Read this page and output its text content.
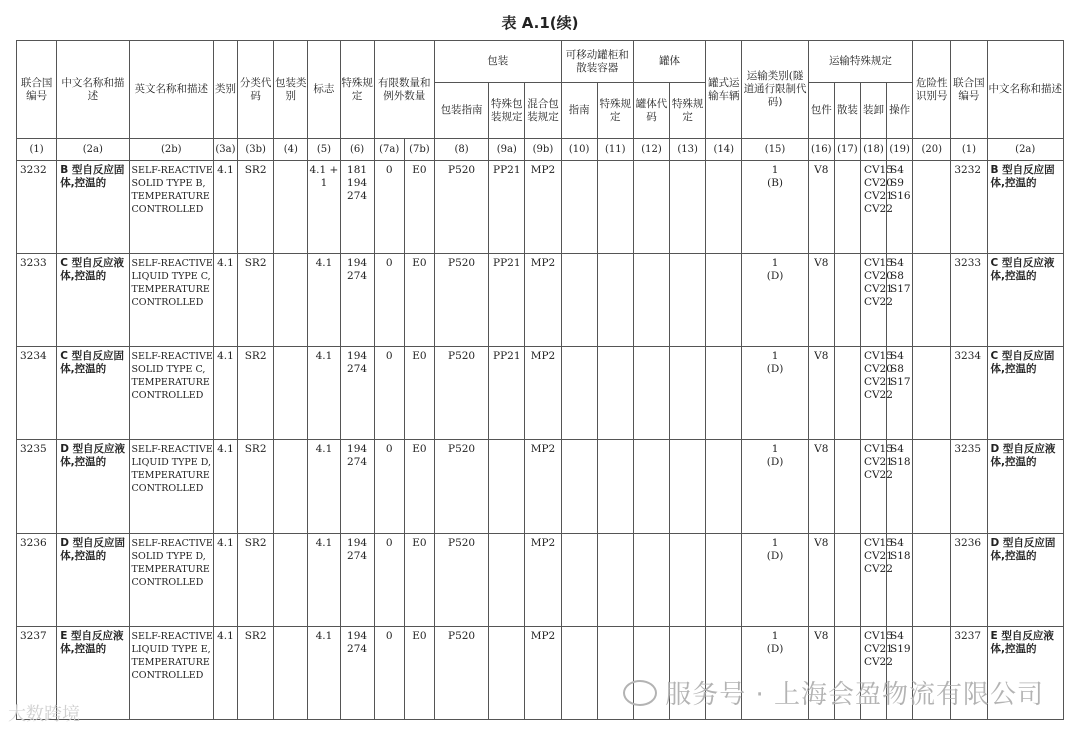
表 A.1(续)
联合国编号	中文名称和描述	英文名称和描述	类别	分类代码	包装类别	标志	特殊规定	有限数量和例外数量		包装			可移动罐柜和散装容器		罐体		罐式运输车辆	运输类别(隧道通行限制代码)	运输特殊规定				危险性识别号	联合国编号	中文名称和描述
										包装指南	特殊包装规定	混合包装规定	指南	特殊规定	罐体代码	特殊规定			包件	散装	装卸	操作			
(1)	(2a)	(2b)	(3a)	(3b)	(4)	(5)	(6)	(7a)	(7b)	(8)	(9a)	(9b)	(10)	(11)	(12)	(13)	(14)	(15)	(16)	(17)	(18)	(19)	(20)	(1)	(2a)
3232	B 型自反应固体,控温的	SELF-REACTIVE SOLID TYPE B, TEMPERATURE CONTROLLED	4.1	SR2		4.1 + 1	181
194
274	0	E0	P520	PP21	MP2						1
(B)	V8		CV15
CV20
CV21
CV22	S4
S9
S16		3232	B 型自反应固体,控温的
3233	C 型自反应液体,控温的	SELF-REACTIVE LIQUID TYPE C, TEMPERATURE CONTROLLED	4.1	SR2		4.1	194
274	0	E0	P520	PP21	MP2						1
(D)	V8		CV15
CV20
CV21
CV22	S4
S8
S17		3233	C 型自反应液体,控温的
3234	C 型自反应固体,控温的	SELF-REACTIVE SOLID TYPE C, TEMPERATURE CONTROLLED	4.1	SR2		4.1	194
274	0	E0	P520	PP21	MP2						1
(D)	V8		CV15
CV20
CV21
CV22	S4
S8
S17		3234	C 型自反应固体,控温的
3235	D 型自反应液体,控温的	SELF-REACTIVE LIQUID TYPE D, TEMPERATURE CONTROLLED	4.1	SR2		4.1	194
274	0	E0	P520		MP2						1
(D)	V8		CV15
CV21
CV22	S4
S18		3235	D 型自反应液体,控温的
3236	D 型自反应固体,控温的	SELF-REACTIVE SOLID TYPE D, TEMPERATURE CONTROLLED	4.1	SR2		4.1	194
274	0	E0	P520		MP2						1
(D)	V8		CV15
CV21
CV22	S4
S18		3236	D 型自反应固体,控温的
3237	E 型自反应液体,控温的	SELF-REACTIVE LIQUID TYPE E, TEMPERATURE CONTROLLED	4.1	SR2		4.1	194
274	0	E0	P520		MP2						1
(D)	V8		CV15
CV21
CV22	S4
S19		3237	E 型自反应液体,控温的
服务号 · 上海会盈物流有限公司
大数跨境
